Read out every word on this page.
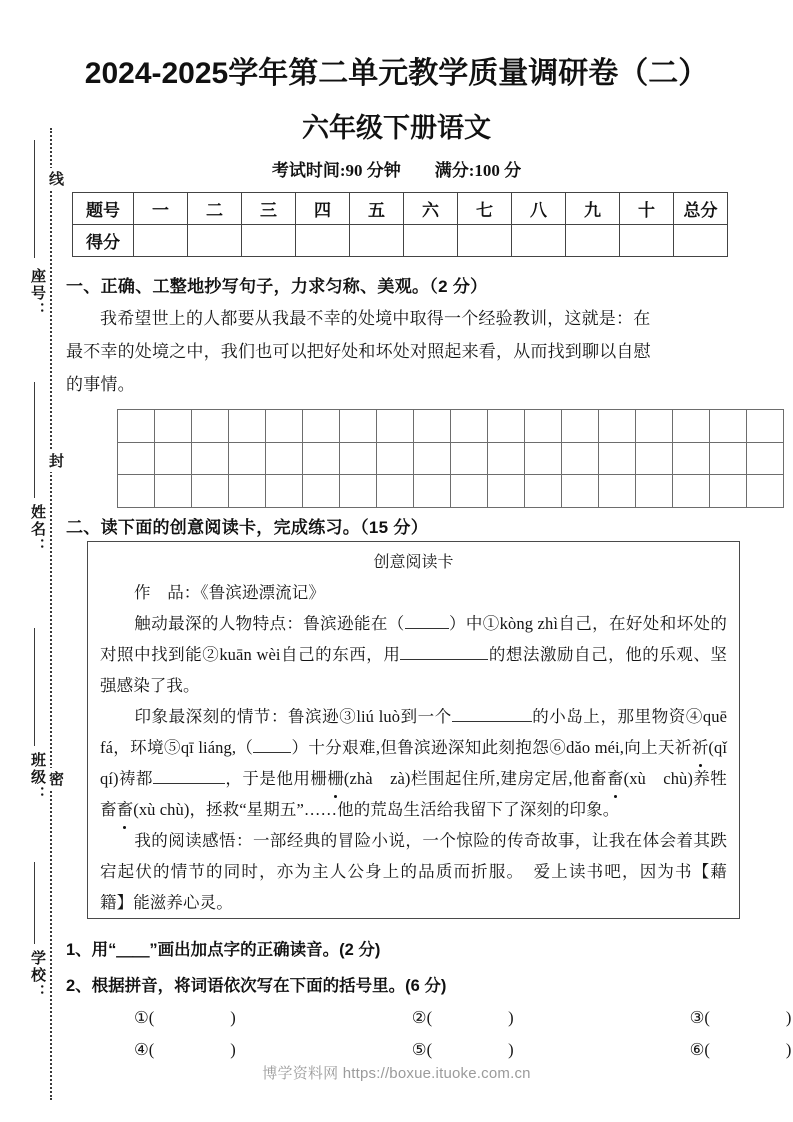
线
封
密
座号：
姓名：
班级：
学校：
2024-2025学年第二单元教学质量调研卷（二）
六年级下册语文
考试时间:90 分钟 满分:100 分
题号	一	二	三	四	五	六	七	八	九	十	总分
得分											
一、正确、工整地抄写句子，力求匀称、美观。（2 分）
我希望世上的人都要从我最不幸的处境中取得一个经验教训，这就是：在
最不幸的处境之中，我们也可以把好处和坏处对照起来看，从而找到聊以自慰
的事情。

二、读下面的创意阅读卡，完成练习。（15 分）
创意阅读卡
作　品：《鲁滨逊漂流记》
触动最深的人物特点：鲁滨逊能在（	）中①kòng zhì自己，在好处和坏处的对照中找到能②kuān wèi自己的东西，用	的想法激励自己，他的乐观、坚强感染了我。
印象最深刻的情节：鲁滨逊③liú luò到一个	的小岛上，那里物资④quē fá，环境⑤qī liáng,（ ）十分艰难,但鲁滨逊深知此刻抱怨⑥dǎo méi,向上天祈祈(qǐ　qí)祷都	，于是他用栅栅(zhà　zà)栏围起住所,建房定居,他畜畜(xù　chù)养牲畜畜(xù chù)，拯救“星期五”……他的荒岛生活给我留下了深刻的印象。
我的阅读感悟：一部经典的冒险小说，一个惊险的传奇故事，让我在体会着其跌宕起伏的情节的同时，亦为主人公身上的品质而折服。　爱上读书吧，因为书【藉　籍】能滋养心灵。
1、用“＿＿”画出加点字的正确读音。(2 分)
2、根据拼音，将词语依次写在下面的括号里。(6 分)
①(	)	②(	)	③(	)
④(	)	⑤(	)	⑥(	)
博学资料网 https://boxue.ituoke.com.cn
